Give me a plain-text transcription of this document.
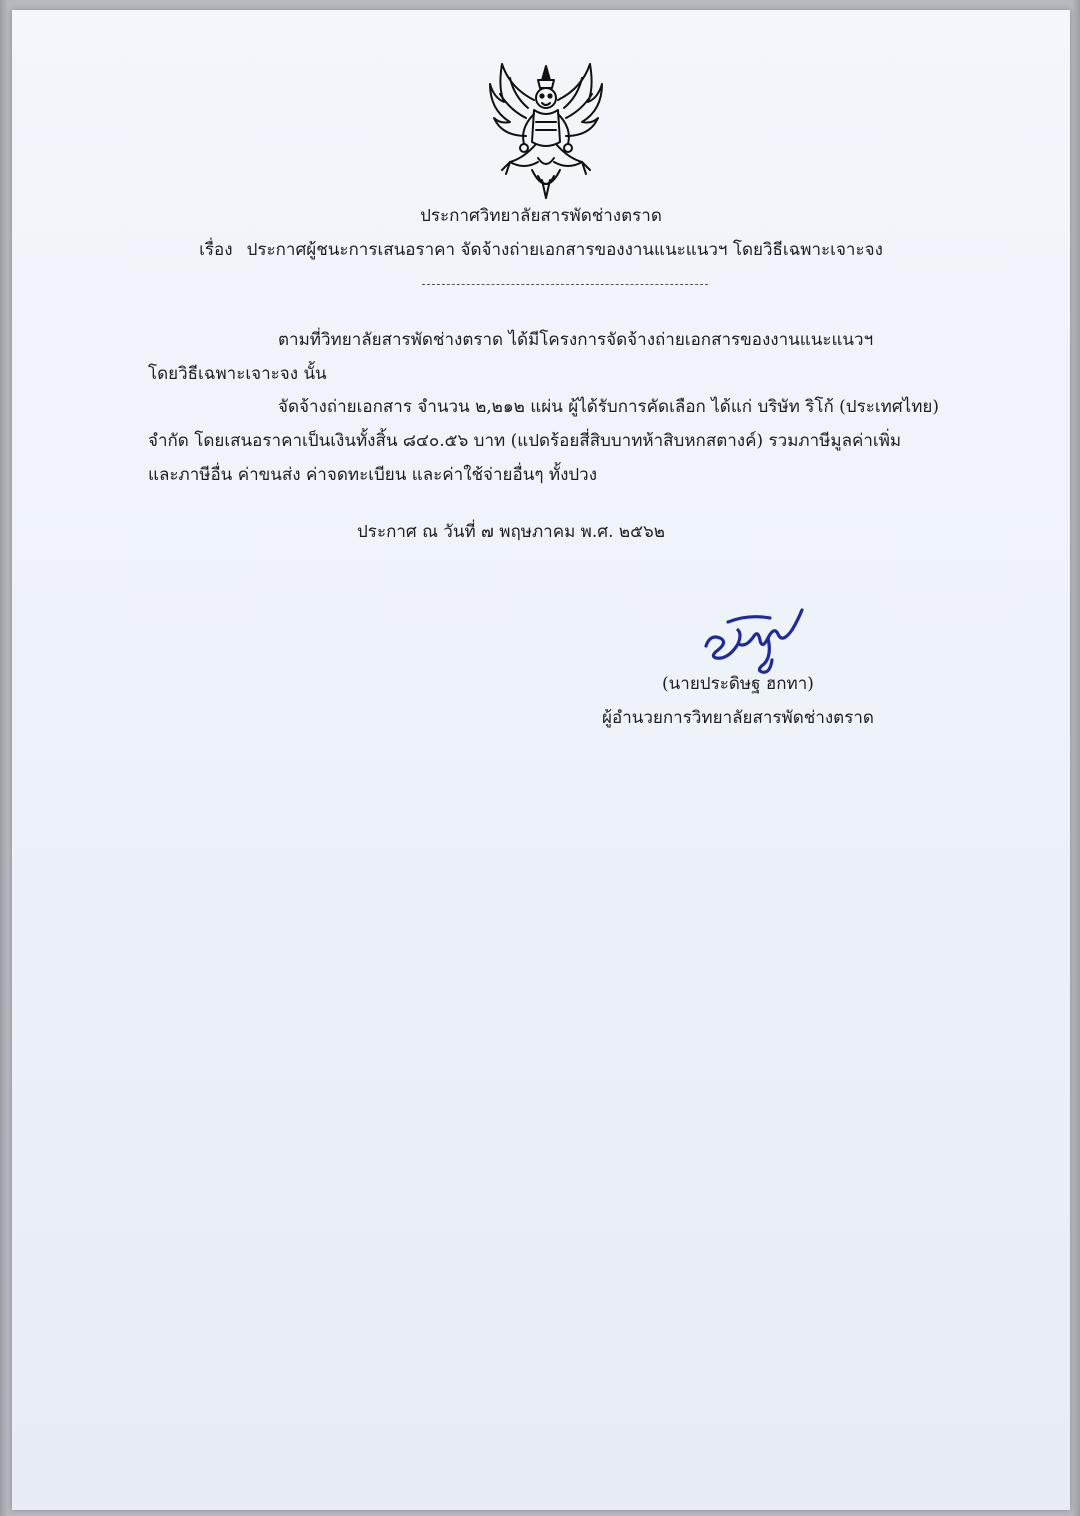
ประกาศวิทยาลัยสารพัดช่างตราด
เรื่อง ประกาศผู้ชนะการเสนอราคา จัดจ้างถ่ายเอกสารของงานแนะแนวฯ โดยวิธีเฉพาะเจาะจง
ตามที่วิทยาลัยสารพัดช่างตราด ได้มีโครงการจัดจ้างถ่ายเอกสารของงานแนะแนวฯ
โดยวิธีเฉพาะเจาะจง นั้น
จัดจ้างถ่ายเอกสาร จำนวน ๒,๒๑๒ แผ่น ผู้ได้รับการคัดเลือก ได้แก่ บริษัท ริโก้ (ประเทศไทย)
จำกัด โดยเสนอราคาเป็นเงินทั้งสิ้น ๘๔๐.๕๖ บาท (แปดร้อยสี่สิบบาทห้าสิบหกสตางค์) รวมภาษีมูลค่าเพิ่ม
และภาษีอื่น ค่าขนส่ง ค่าจดทะเบียน และค่าใช้จ่ายอื่นๆ ทั้งปวง
ประกาศ ณ วันที่ ๗ พฤษภาคม พ.ศ. ๒๕๖๒
(นายประดิษฐ ฮกทา)
ผู้อำนวยการวิทยาลัยสารพัดช่างตราด
